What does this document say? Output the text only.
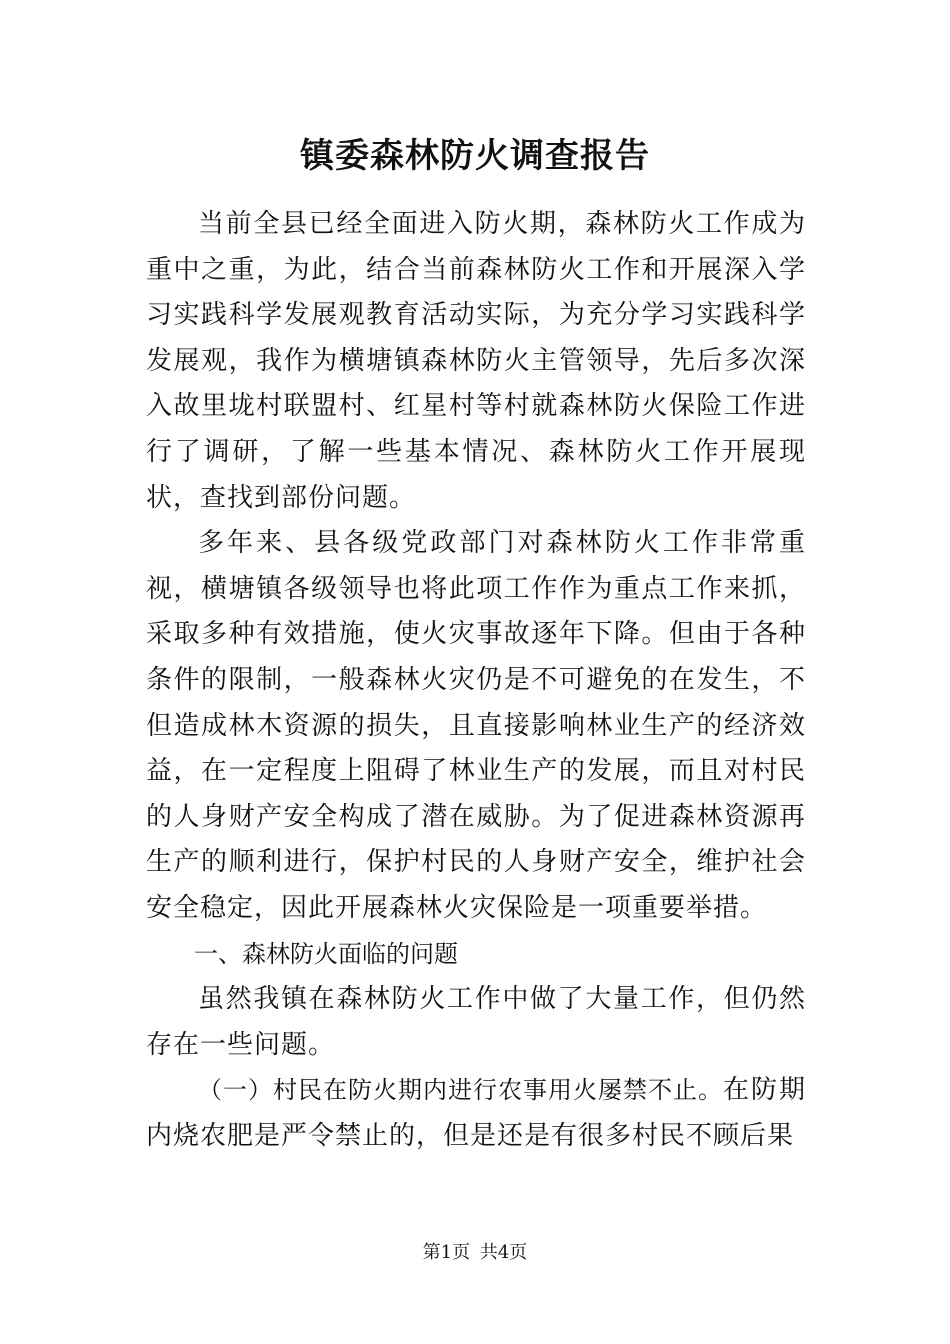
镇委森林防火调查报告

当前全县已经全面进入防火期，森林防火工作成为重中之重，为此，结合当前森林防火工作和开展深入学习实践科学发展观教育活动实际，为充分学习实践科学发展观，我作为横塘镇森林防火主管领导，先后多次深入故里垅村联盟村、红星村等村就森林防火保险工作进行了调研，了解一些基本情况、森林防火工作开展现状，查找到部份问题。

多年来、县各级党政部门对森林防火工作非常重视，横塘镇各级领导也将此项工作作为重点工作来抓，采取多种有效措施，使火灾事故逐年下降。但由于各种条件的限制，一般森林火灾仍是不可避免的在发生，不但造成林木资源的损失，且直接影响林业生产的经济效益，在一定程度上阻碍了林业生产的发展，而且对村民的人身财产安全构成了潜在威胁。为了促进森林资源再生产的顺利进行，保护村民的人身财产安全，维护社会安全稳定，因此开展森林火灾保险是一项重要举措。

一、森林防火面临的问题

虽然我镇在森林防火工作中做了大量工作，但仍然存在一些问题。

（一）村民在防火期内进行农事用火屡禁不止。在防期内烧农肥是严令禁止的，但是还是有很多村民不顾后果

第1页 共4页
